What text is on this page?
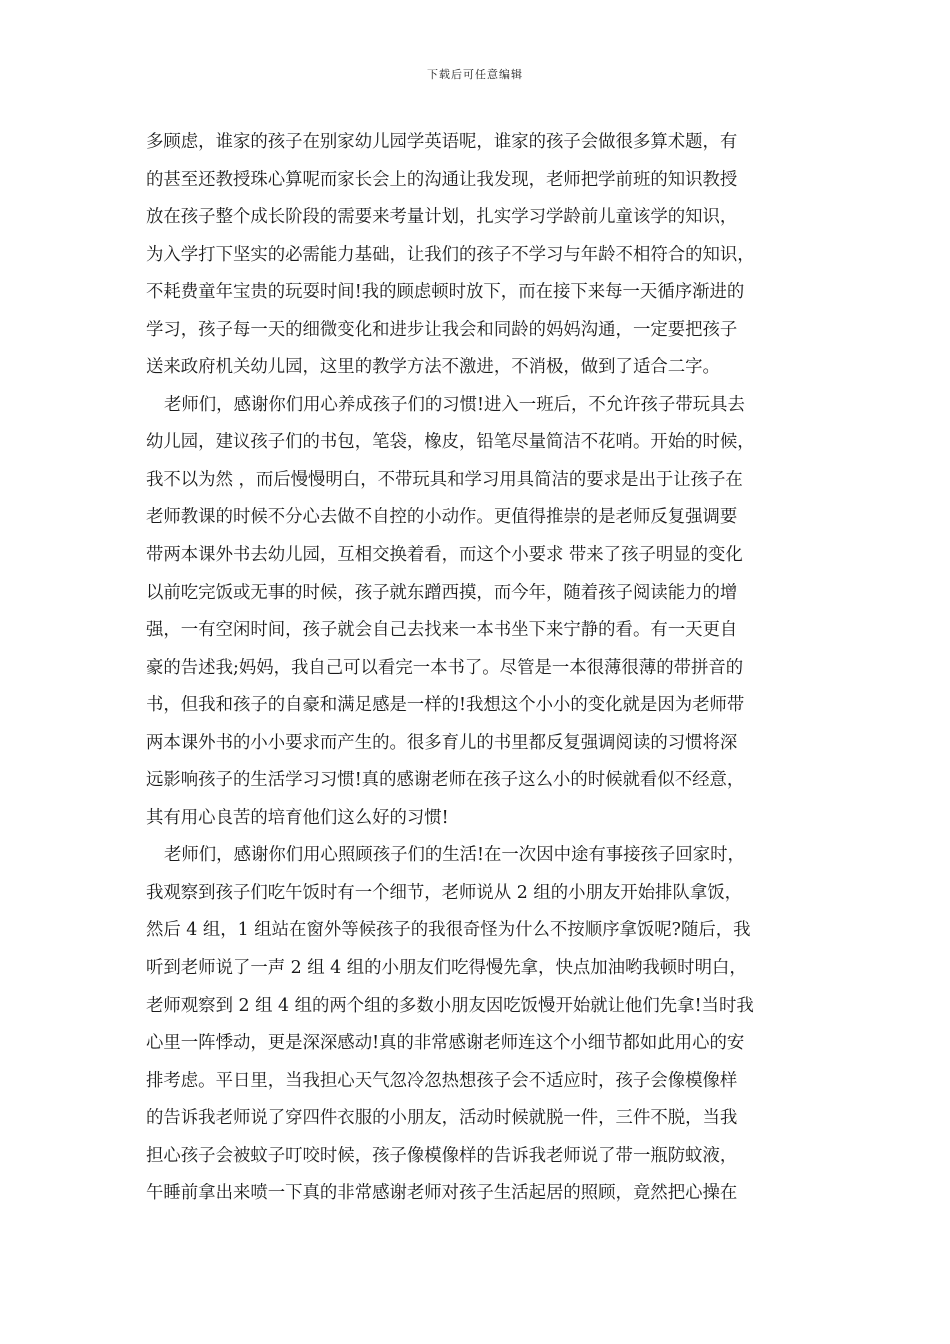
下载后可任意编辑
多顾虑，谁家的孩子在别家幼儿园学英语呢，谁家的孩子会做很多算术题，有
的甚至还教授珠心算呢而家长会上的沟通让我发现，老师把学前班的知识教授
放在孩子整个成长阶段的需要来考量计划，扎实学习学龄前儿童该学的知识，
为入学打下坚实的必需能力基础，让我们的孩子不学习与年龄不相符合的知识，
不耗费童年宝贵的玩耍时间!我的顾虑顿时放下，而在接下来每一天循序渐进的
学习，孩子每一天的细微变化和进步让我会和同龄的妈妈沟通，一定要把孩子
送来政府机关幼儿园，这里的教学方法不激进，不消极，做到了适合二字。
老师们，感谢你们用心养成孩子们的习惯!进入一班后，不允许孩子带玩具去
幼儿园，建议孩子们的书包，笔袋，橡皮，铅笔尽量简洁不花哨。开始的时候，
我不以为然 ，而后慢慢明白，不带玩具和学习用具简洁的要求是出于让孩子在
老师教课的时候不分心去做不自控的小动作。更值得推崇的是老师反复强调要
带两本课外书去幼儿园，互相交换着看，而这个小要求 带来了孩子明显的变化
以前吃完饭或无事的时候，孩子就东蹭西摸，而今年，随着孩子阅读能力的增
强，一有空闲时间，孩子就会自己去找来一本书坐下来宁静的看。有一天更自
豪的告述我;妈妈，我自己可以看完一本书了。尽管是一本很薄很薄的带拼音的
书，但我和孩子的自豪和满足感是一样的!我想这个小小的变化就是因为老师带
两本课外书的小小要求而产生的。很多育儿的书里都反复强调阅读的习惯将深
远影响孩子的生活学习习惯!真的感谢老师在孩子这么小的时候就看似不经意，
其有用心良苦的培育他们这么好的习惯!
老师们，感谢你们用心照顾孩子们的生活!在一次因中途有事接孩子回家时，
我观察到孩子们吃午饭时有一个细节，老师说从 2 组的小朋友开始排队拿饭，
然后 4 组，1 组站在窗外等候孩子的我很奇怪为什么不按顺序拿饭呢?随后，我
听到老师说了一声 2 组 4 组的小朋友们吃得慢先拿，快点加油哟我顿时明白，
老师观察到 2 组 4 组的两个组的多数小朋友因吃饭慢开始就让他们先拿!当时我
心里一阵悸动，更是深深感动!真的非常感谢老师连这个小细节都如此用心的安
排考虑。平日里，当我担心天气忽冷忽热想孩子会不适应时，孩子会像模像样
的告诉我老师说了穿四件衣服的小朋友，活动时候就脱一件，三件不脱，当我
担心孩子会被蚊子叮咬时候，孩子像模像样的告诉我老师说了带一瓶防蚊液，
午睡前拿出来喷一下真的非常感谢老师对孩子生活起居的照顾，竟然把心操在
